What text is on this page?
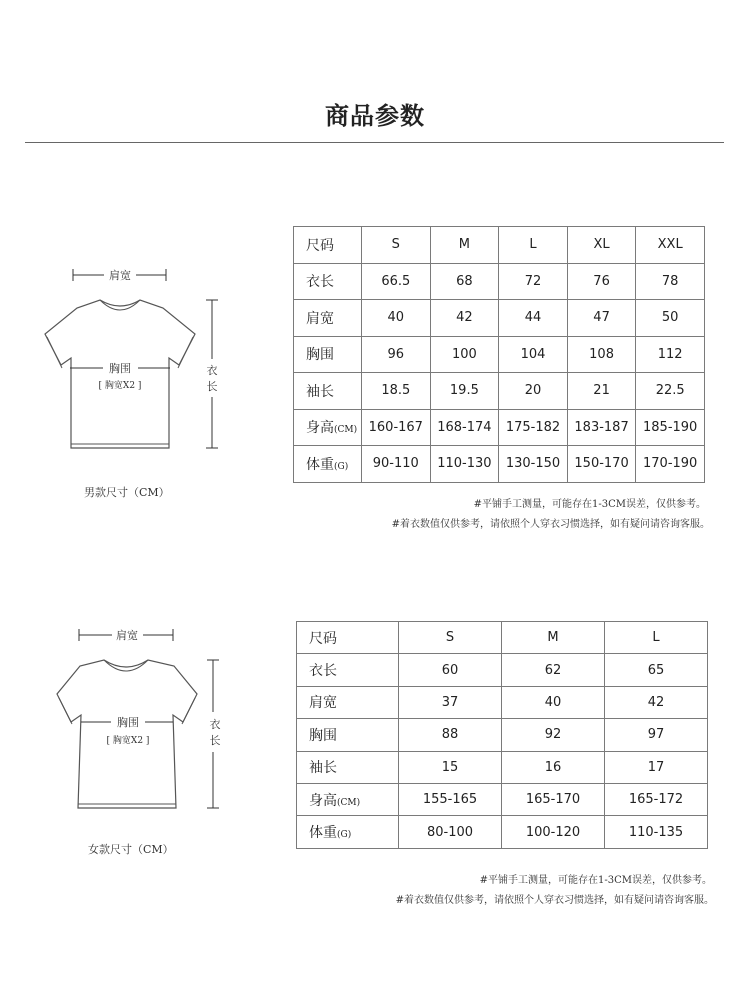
商品参数
肩宽
胸围
[ 胸宽X2 ]
衣
长
男款尺寸（CM）
尺码	S	M	L	XL	XXL
衣长	66.5	68	72	76	78
肩宽	40	42	44	47	50
胸围	96	100	104	108	112
袖长	18.5	19.5	20	21	22.5
身高(CM)	160-167	168-174	175-182	183-187	185-190
体重(G)	90-110	110-130	130-150	150-170	170-190
#平铺手工测量，可能存在1-3CM误差，仅供参考。
#着衣数值仅供参考，请依照个人穿衣习惯选择，如有疑问请咨询客服。
肩宽
胸围
[ 胸宽X2 ]
衣
长
女款尺寸（CM）
尺码	S	M	L
衣长	60	62	65
肩宽	37	40	42
胸围	88	92	97
袖长	15	16	17
身高(CM)	155-165	165-170	165-172
体重(G)	80-100	100-120	110-135
#平铺手工测量，可能存在1-3CM误差，仅供参考。
#着衣数值仅供参考，请依照个人穿衣习惯选择，如有疑问请咨询客服。
